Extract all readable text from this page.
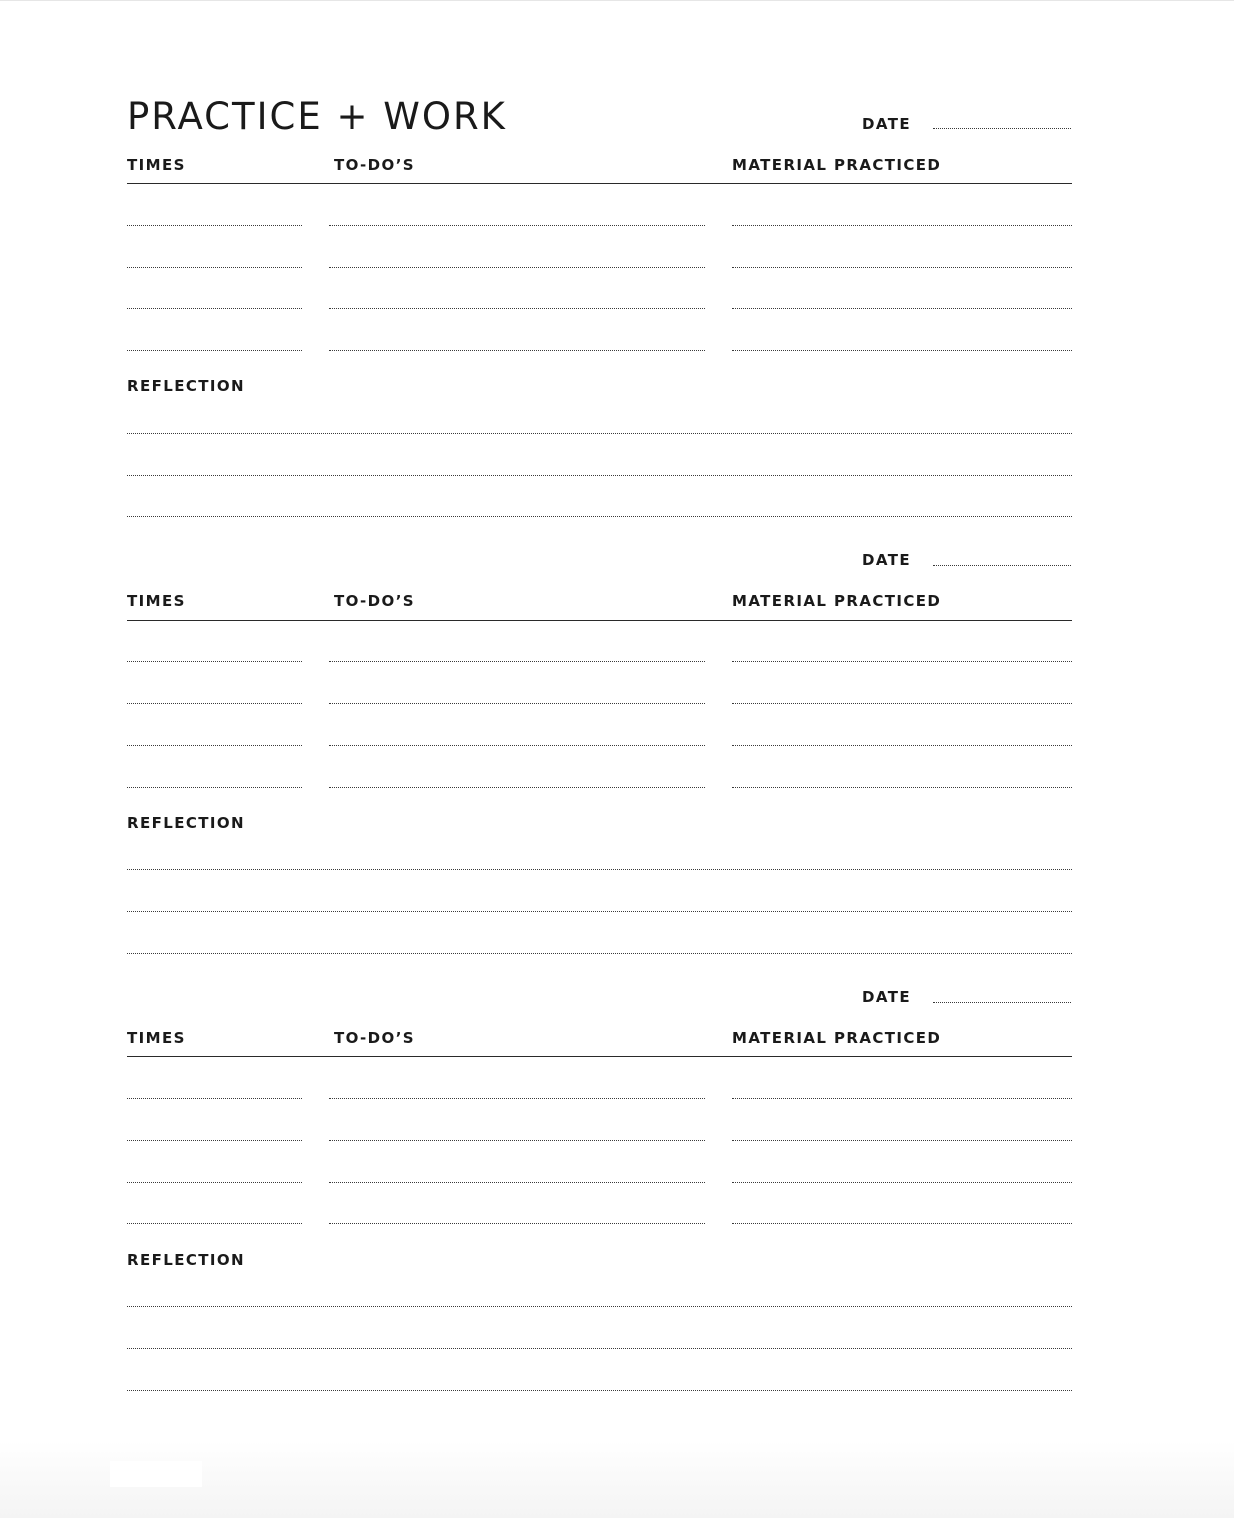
PRACTICE + WORK	DATE
TIMES	TO-DO’S	MATERIAL PRACTICED
REFLECTION
DATE
TIMES	TO-DO’S	MATERIAL PRACTICED
REFLECTION
DATE
TIMES	TO-DO’S	MATERIAL PRACTICED
REFLECTION
